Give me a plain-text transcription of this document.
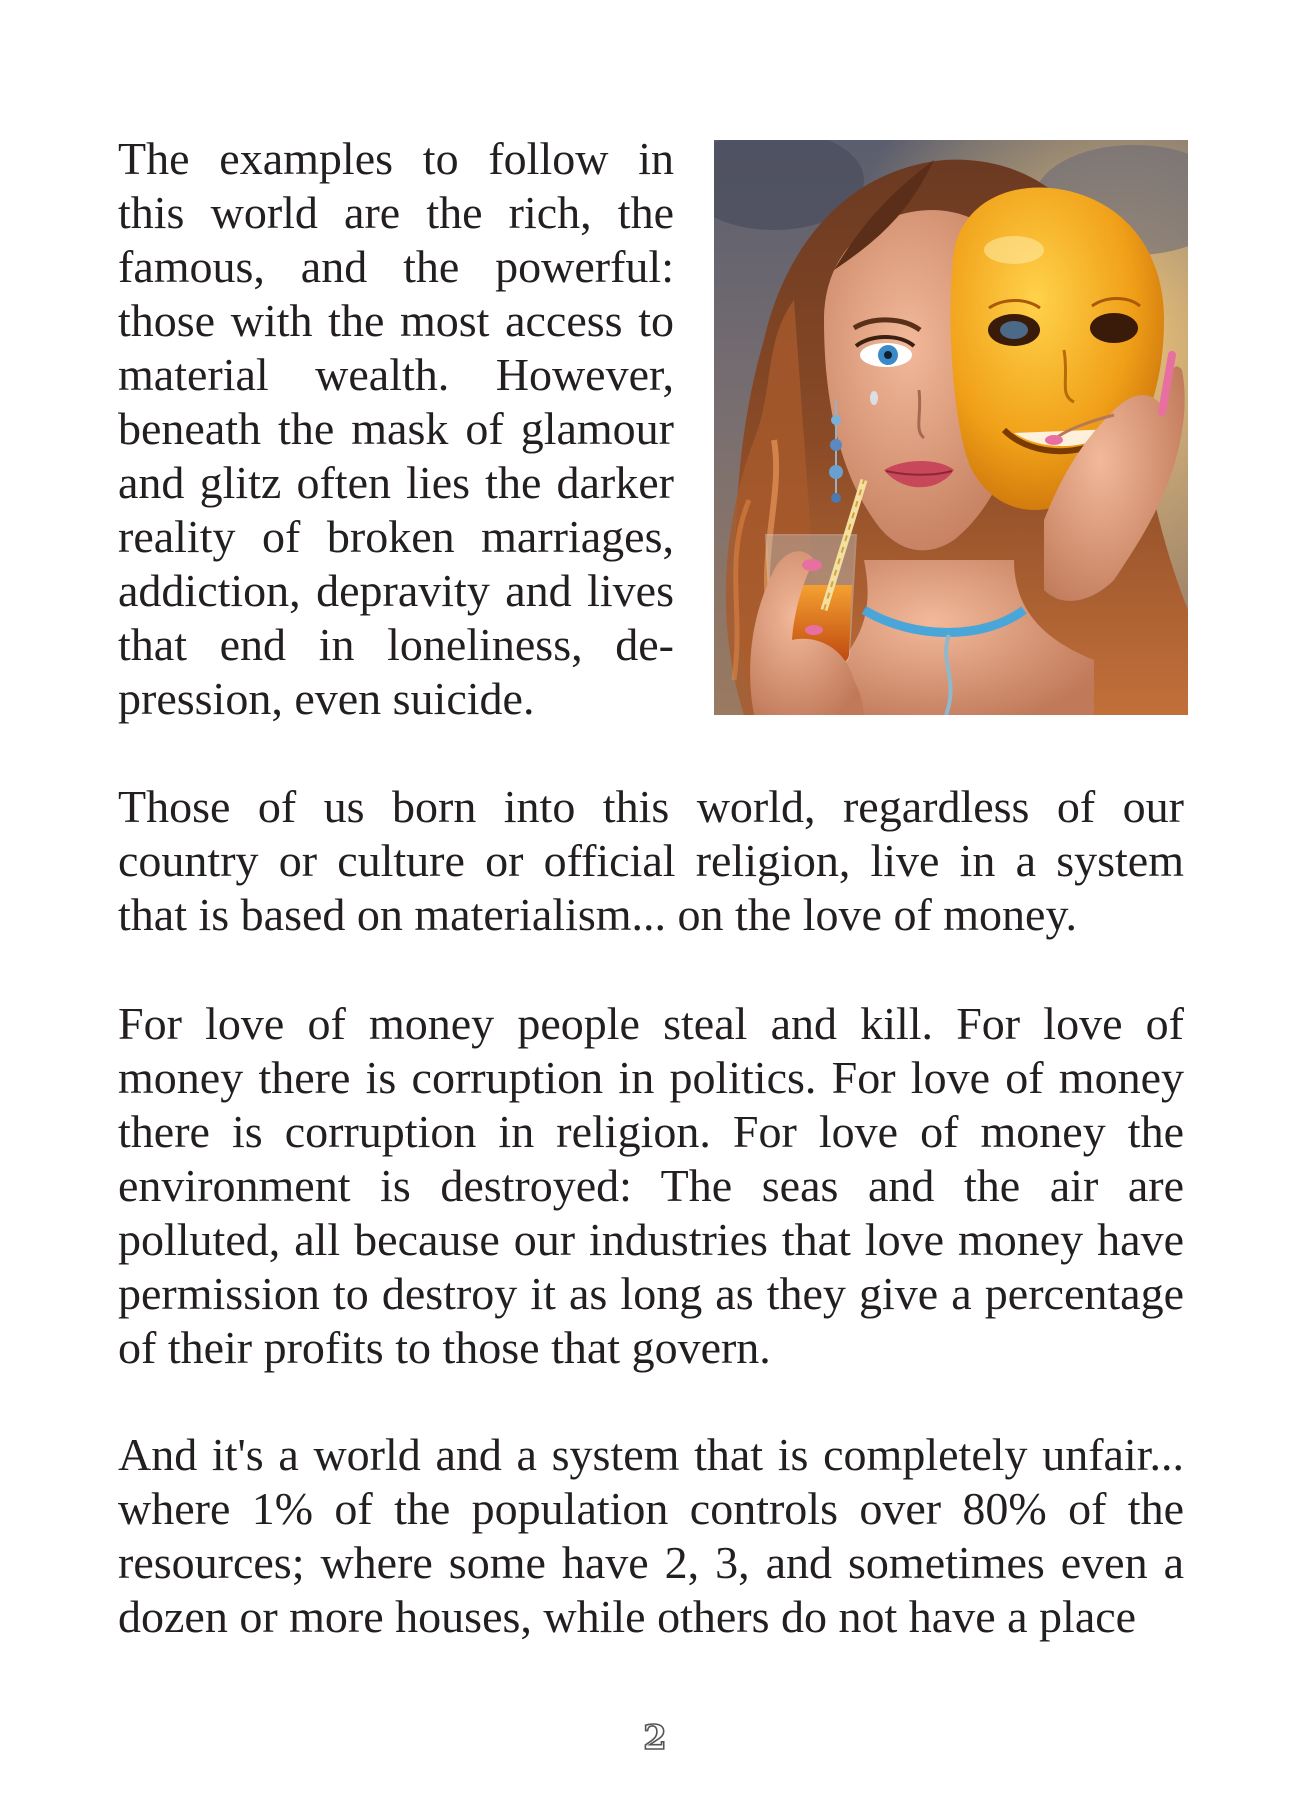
The examples to follow in this world are the rich, the famous, and the powerful: those with the most access to material wealth. However, beneath the mask of glamour and glitz often lies the darker reality of broken marriages, addiction, depravity and lives that end in loneliness, depression, even suicide.

Those of us born into this world, regardless of our country or culture or official religion, live in a system that is based on materialism... on the love of money.

For love of money people steal and kill. For love of money there is corruption in politics. For love of money there is corruption in religion. For love of money the environment is destroyed: The seas and the air are polluted, all because our industries that love money have permission to destroy it as long as they give a percentage of their profits to those that govern.

And it's a world and a system that is completely unfair... where 1% of the population controls over 80% of the resources; where some have 2, 3, and sometimes even a dozen or more houses, while others do not have a place

2
